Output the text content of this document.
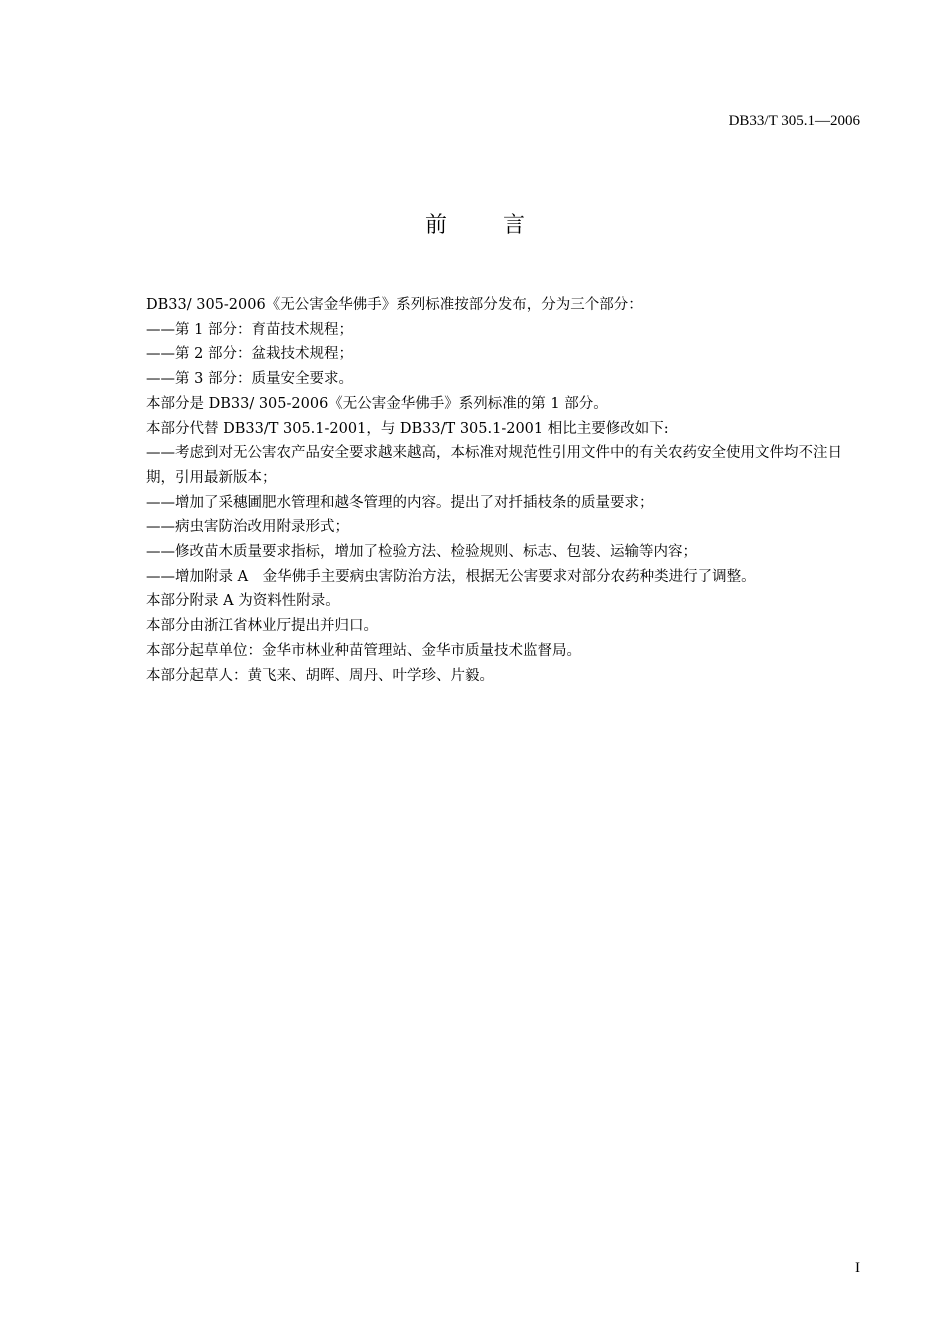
DB33/T 305.1—2006
前言

DB33/ 305-2006《无公害金华佛手》系列标准按部分发布，分为三个部分：

——第 1 部分：育苗技术规程；

——第 2 部分：盆栽技术规程；

——第 3 部分：质量安全要求。

本部分是 DB33/ 305-2006《无公害金华佛手》系列标准的第 1 部分。

本部分代替 DB33/T 305.1-2001，与 DB33/T 305.1-2001 相比主要修改如下:

——考虑到对无公害农产品安全要求越来越高，本标准对规范性引用文件中的有关农药安全使用文件均不注日期，引用最新版本；

——增加了采穗圃肥水管理和越冬管理的内容。提出了对扦插枝条的质量要求；

——病虫害防治改用附录形式；

——修改苗木质量要求指标，增加了检验方法、检验规则、标志、包装、运输等内容；

——增加附录 A　金华佛手主要病虫害防治方法，根据无公害要求对部分农药种类进行了调整。

本部分附录 A 为资料性附录。

本部分由浙江省林业厅提出并归口。

本部分起草单位：金华市林业种苗管理站、金华市质量技术监督局。

本部分起草人：黄飞来、胡晖、周丹、叶学珍、片毅。

I
